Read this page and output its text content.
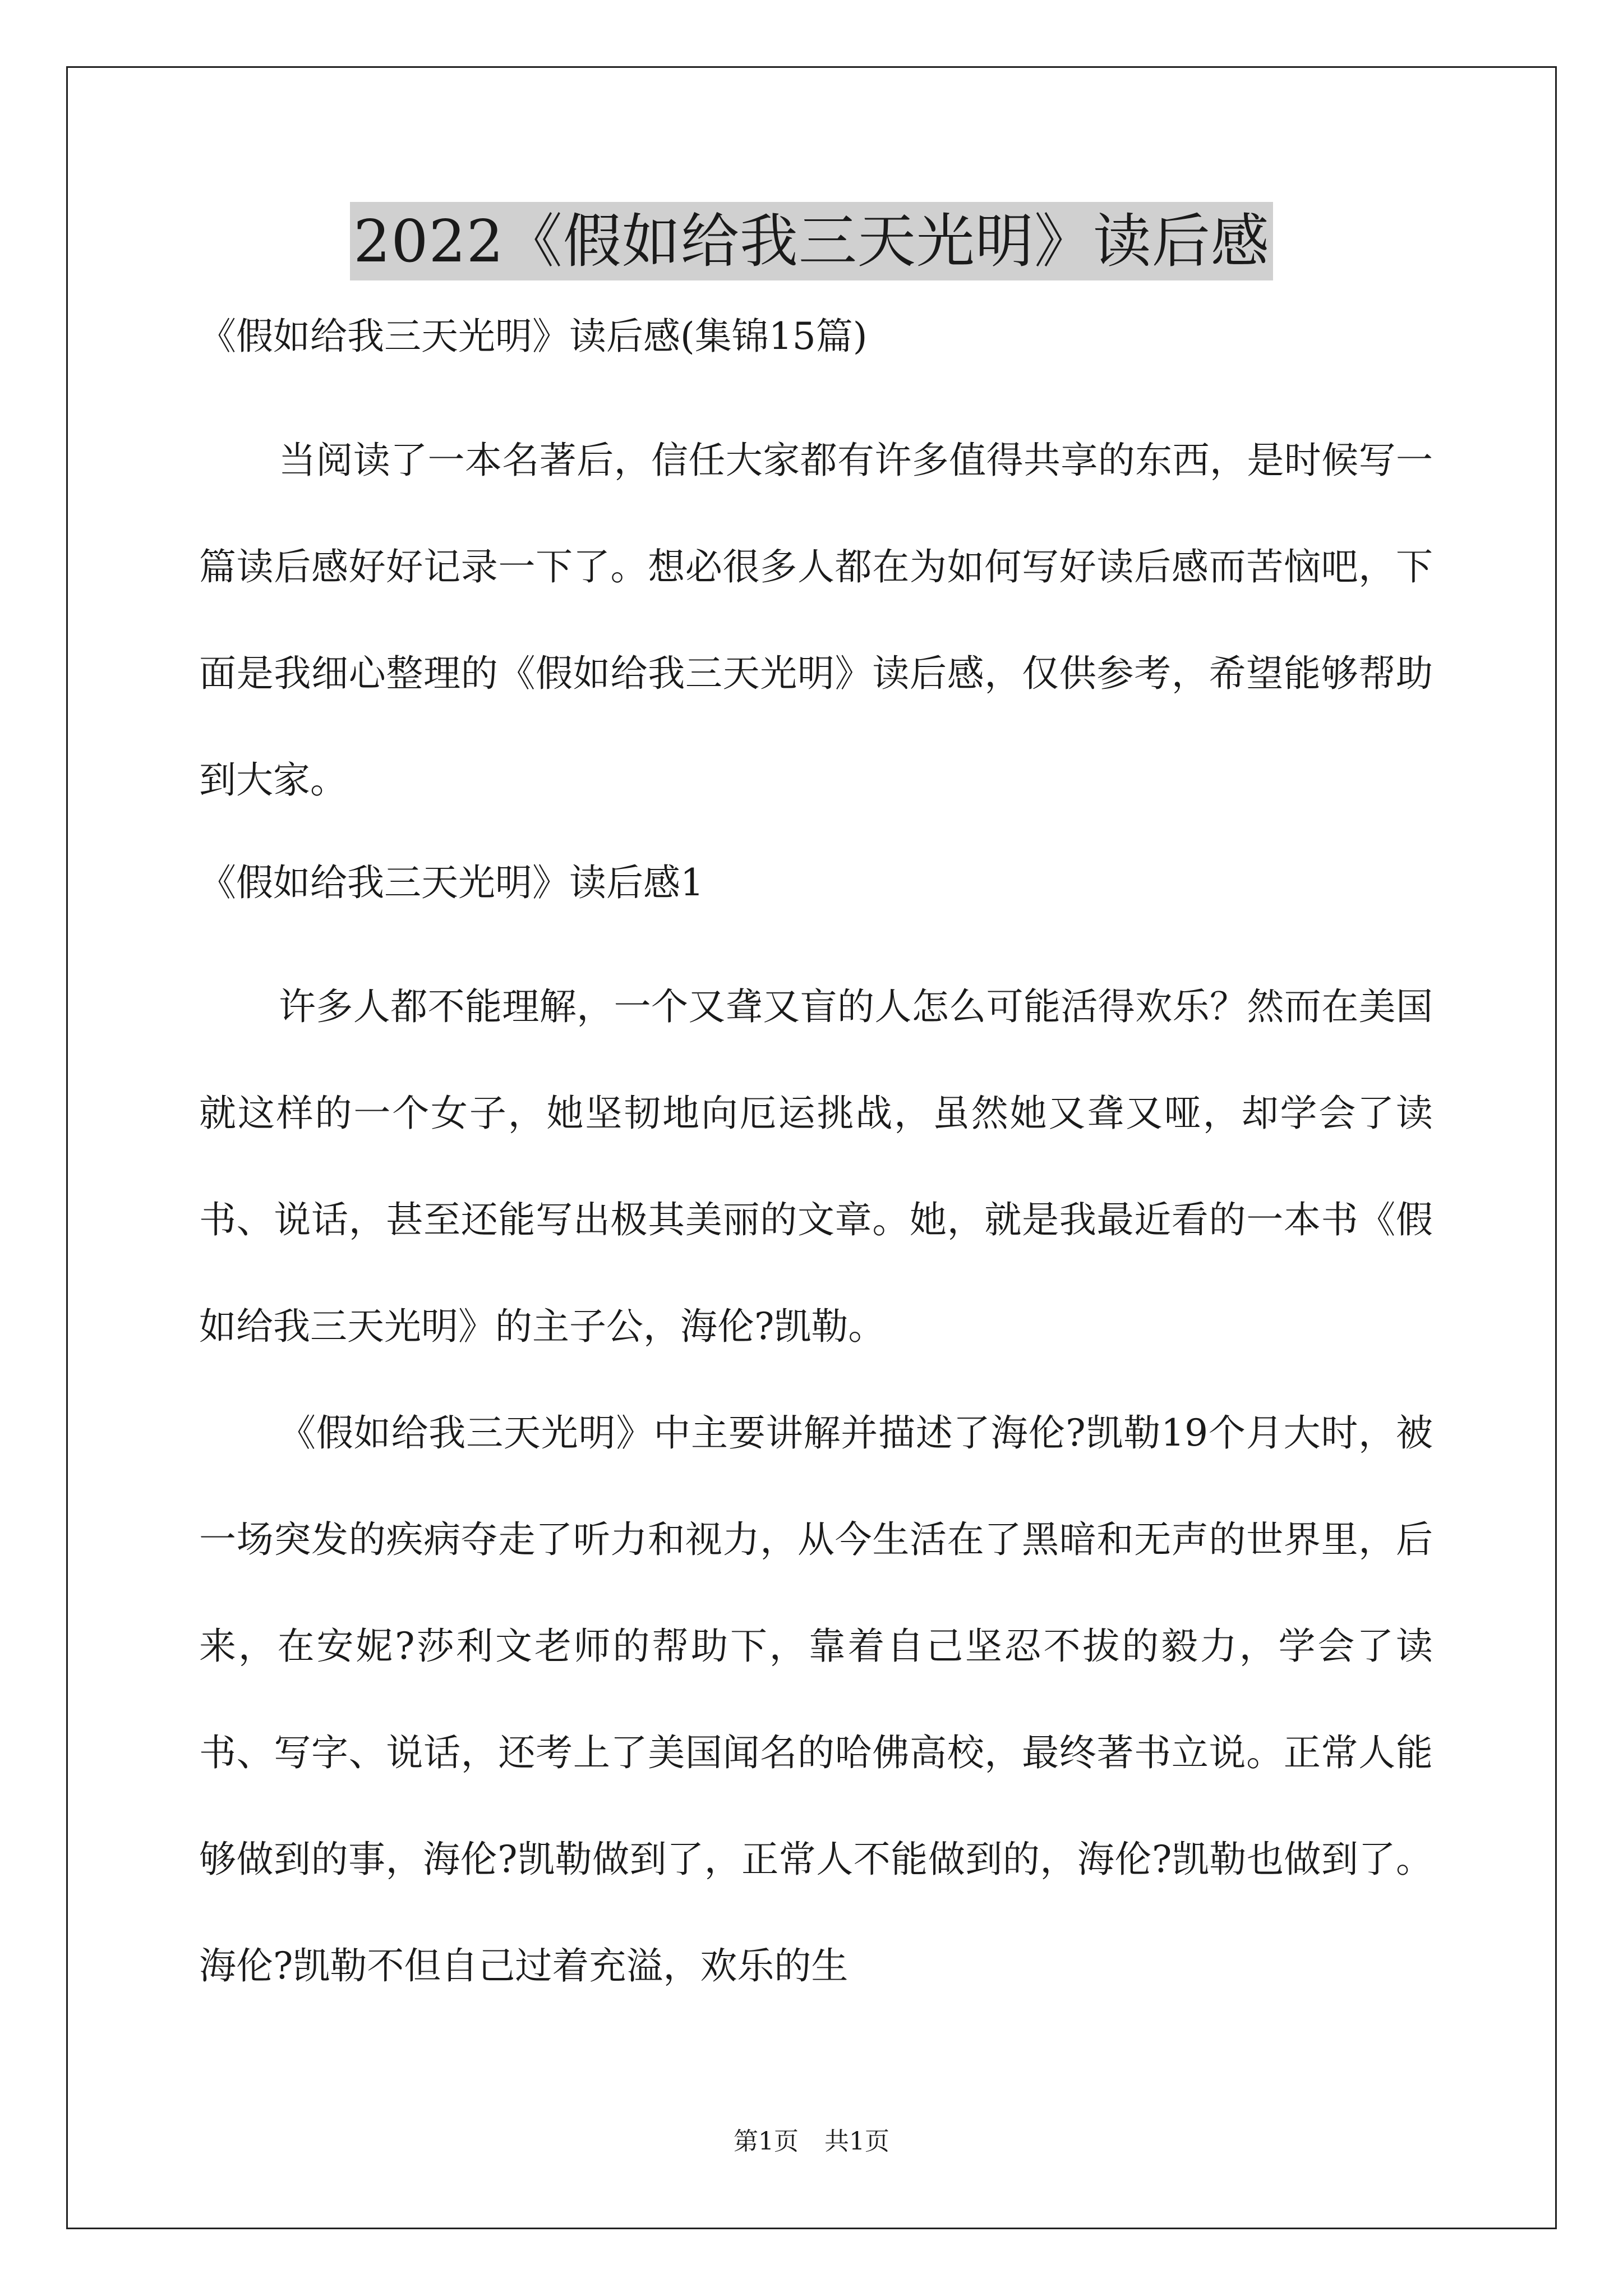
2022《假如给我三天光明》读后感

《假如给我三天光明》读后感(集锦15篇)

当阅读了一本名著后，信任大家都有许多值得共享的东西，是时候写一篇读后感好好记录一下了。想必很多人都在为如何写好读后感而苦恼吧，下面是我细心整理的《假如给我三天光明》读后感，仅供参考，希望能够帮助到大家。

《假如给我三天光明》读后感1

许多人都不能理解，一个又聋又盲的人怎么可能活得欢乐？然而在美国就这样的一个女子，她坚韧地向厄运挑战，虽然她又聋又哑，却学会了读书、说话，甚至还能写出极其美丽的文章。她，就是我最近看的一本书《假如给我三天光明》的主子公，海伦?凯勒。

《假如给我三天光明》中主要讲解并描述了海伦?凯勒19个月大时，被一场突发的疾病夺走了听力和视力，从今生活在了黑暗和无声的世界里，后来，在安妮?莎利文老师的帮助下，靠着自己坚忍不拔的毅力，学会了读书、写字、说话，还考上了美国闻名的哈佛高校，最终著书立说。正常人能够做到的事，海伦?凯勒做到了，正常人不能做到的，海伦?凯勒也做到了。海伦?凯勒不但自己过着充溢，欢乐的生

第1页 共1页
